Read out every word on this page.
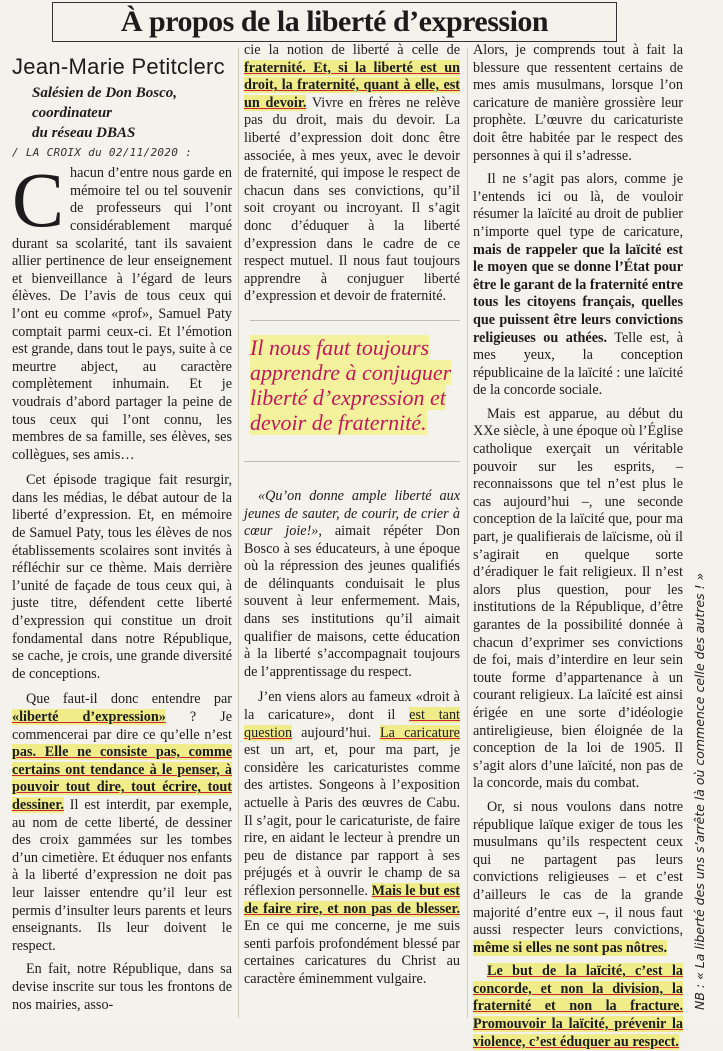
À propos de la liberté d’expression
Jean-Marie Petitclerc
Salésien de Don Bosco,
coordinateur
du réseau DBAS
/ LA CROIX du 02/11/2020 :

Chacun d’entre nous garde en mémoire tel ou tel souvenir de professeurs qui l’ont considérablement marqué durant sa scolarité, tant ils savaient allier pertinence de leur enseignement et bienveillance à l’égard de leurs élèves. De l’avis de tous ceux qui l’ont eu comme «prof», Samuel Paty comptait parmi ceux-ci. Et l’émotion est grande, dans tout le pays, suite à ce meurtre abject, au caractère complètement inhumain. Et je voudrais d’abord partager la peine de tous ceux qui l’ont connu, les membres de sa famille, ses élèves, ses collègues, ses amis…

Cet épisode tragique fait resurgir, dans les médias, le débat autour de la liberté d’expression. Et, en mémoire de Samuel Paty, tous les élèves de nos établissements scolaires sont invités à réfléchir sur ce thème. Mais derrière l’unité de façade de tous ceux qui, à juste titre, défendent cette liberté d’expression qui constitue un droit fondamental dans notre République, se cache, je crois, une grande diversité de conceptions.

Que faut-il donc entendre par «liberté d’expression» ? Je commencerai par dire ce qu’elle n’est pas. Elle ne consiste pas, comme certains ont tendance à le penser, à pouvoir tout dire, tout écrire, tout dessiner. Il est interdit, par exemple, au nom de cette liberté, de dessiner des croix gammées sur les tombes d’un cimetière. Et éduquer nos enfants à la liberté d’expression ne doit pas leur laisser entendre qu’il leur est permis d’insulter leurs parents et leurs enseignants. Ils leur doivent le respect.

En fait, notre République, dans sa devise inscrite sur tous les frontons de nos mairies, asso-

cie la notion de liberté à celle de fraternité. Et, si la liberté est un droit, la fraternité, quant à elle, est un devoir. Vivre en frères ne relève pas du droit, mais du devoir. La liberté d’expression doit donc être associée, à mes yeux, avec le devoir de fraternité, qui impose le respect de chacun dans ses convictions, qu’il soit croyant ou incroyant. Il s’agit donc d’éduquer à la liberté d’expression dans le cadre de ce respect mutuel. Il nous faut toujours apprendre à conjuguer liberté d’expression et devoir de fraternité.

Il nous faut toujours apprendre à conjuguer liberté d’expression et devoir de fraternité.

«Qu’on donne ample liberté aux jeunes de sauter, de courir, de crier à cœur joie!», aimait répéter Don Bosco à ses éducateurs, à une époque où la répression des jeunes qualifiés de délinquants conduisait le plus souvent à leur enfermement. Mais, dans ses institutions qu’il aimait qualifier de maisons, cette éducation à la liberté s’accompagnait toujours de l’apprentissage du respect.

J’en viens alors au fameux «droit à la caricature», dont il est tant question aujourd’hui. La caricature est un art, et, pour ma part, je considère les caricaturistes comme des artistes. Songeons à l’exposition actuelle à Paris des œuvres de Cabu. Il s’agit, pour le caricaturiste, de faire rire, en aidant le lecteur à prendre un peu de distance par rapport à ses préjugés et à ouvrir le champ de sa réflexion personnelle. Mais le but est de faire rire, et non pas de blesser. En ce qui me concerne, je me suis senti parfois profondément blessé par certaines caricatures du Christ au caractère éminemment vulgaire.

Alors, je comprends tout à fait la blessure que ressentent certains de mes amis musulmans, lorsque l’on caricature de manière grossière leur prophète. L’œuvre du caricaturiste doit être habitée par le respect des personnes à qui il s’adresse.

Il ne s’agit pas alors, comme je l’entends ici ou là, de vouloir résumer la laïcité au droit de publier n’importe quel type de caricature, mais de rappeler que la laïcité est le moyen que se donne l’État pour être le garant de la fraternité entre tous les citoyens français, quelles que puissent être leurs convictions religieuses ou athées. Telle est, à mes yeux, la conception républicaine de la laïcité : une laïcité de la concorde sociale.

Mais est apparue, au début du XXe siècle, à une époque où l’Église catholique exerçait un véritable pouvoir sur les esprits, – reconnaissons que tel n’est plus le cas aujourd’hui –, une seconde conception de la laïcité que, pour ma part, je qualifierais de laïcisme, où il s’agirait en quelque sorte d’éradiquer le fait religieux. Il n’est alors plus question, pour les institutions de la République, d’être garantes de la possibilité donnée à chacun d’exprimer ses convictions de foi, mais d’interdire en leur sein toute forme d’appartenance à un courant religieux. La laïcité est ainsi érigée en une sorte d’idéologie antireligieuse, bien éloignée de la conception de la loi de 1905. Il s’agit alors d’une laïcité, non pas de la concorde, mais du combat.

Or, si nous voulons dans notre république laïque exiger de tous les musulmans qu’ils respectent ceux qui ne partagent pas leurs convictions religieuses – et c’est d’ailleurs le cas de la grande majorité d’entre eux –, il nous faut aussi respecter leurs convictions, même si elles ne sont pas nôtres.

Le but de la laïcité, c’est la concorde, et non la division, la fraternité et non la fracture. Promouvoir la laïcité, prévenir la violence, c’est éduquer au respect.

NB : « La liberté des uns s’arrête là où commence celle des autres ! »
